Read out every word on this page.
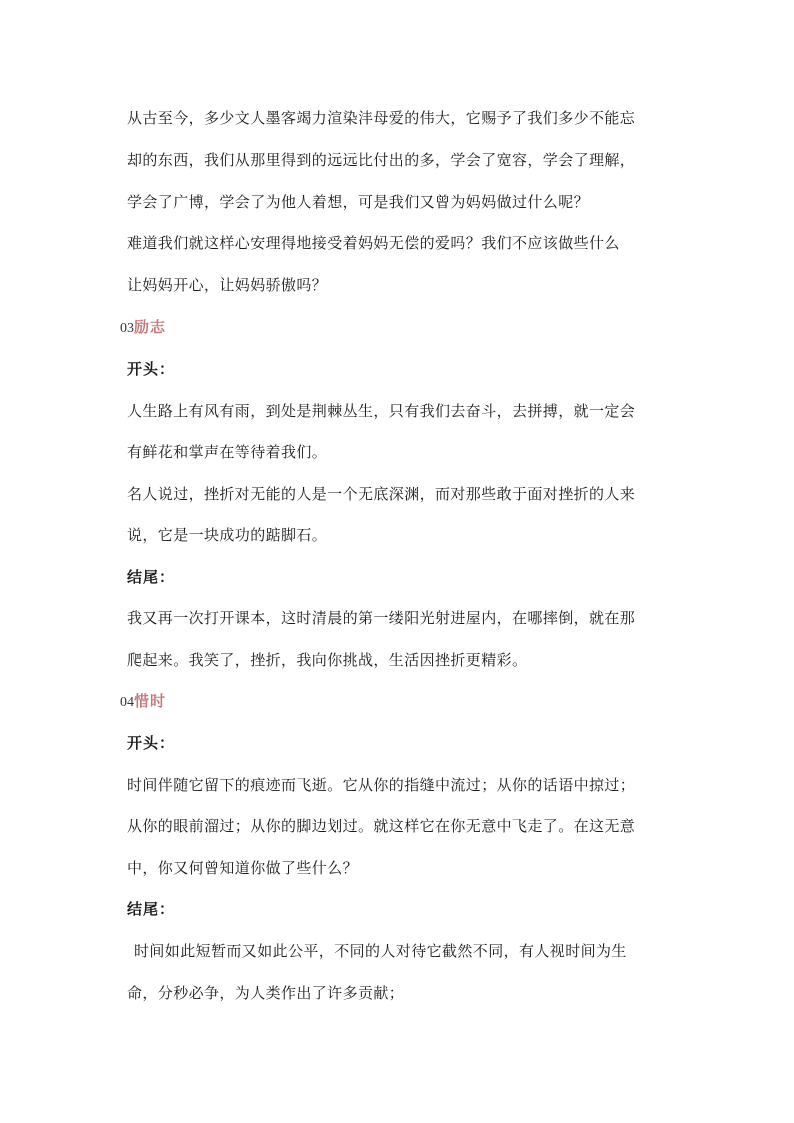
从古至今，多少文人墨客竭力渲染沣母爱的伟大，它赐予了我们多少不能忘
却的东西，我们从那里得到的远远比付出的多，学会了宽容，学会了理解，
学会了广博，学会了为他人着想，可是我们又曾为妈妈做过什么呢？
难道我们就这样心安理得地接受着妈妈无偿的爱吗？我们不应该做些什么
让妈妈开心，让妈妈骄傲吗？
03励志
开头：
人生路上有风有雨，到处是荆棘丛生，只有我们去奋斗，去拼搏，就一定会
有鲜花和掌声在等待着我们。
名人说过，挫折对无能的人是一个无底深渊，而对那些敢于面对挫折的人来
说，它是一块成功的踮脚石。
结尾：
我又再一次打开课本，这时清晨的第一缕阳光射进屋内，在哪摔倒，就在那
爬起来。我笑了，挫折，我向你挑战，生活因挫折更精彩。
04惜时
开头：
时间伴随它留下的痕迹而飞逝。它从你的指缝中流过；从你的话语中掠过；
从你的眼前溜过；从你的脚边划过。就这样它在你无意中飞走了。在这无意
中，你又何曾知道你做了些什么？
结尾：
时间如此短暂而又如此公平，不同的人对待它截然不同，有人视时间为生
命，分秒必争，为人类作出了许多贡献；
